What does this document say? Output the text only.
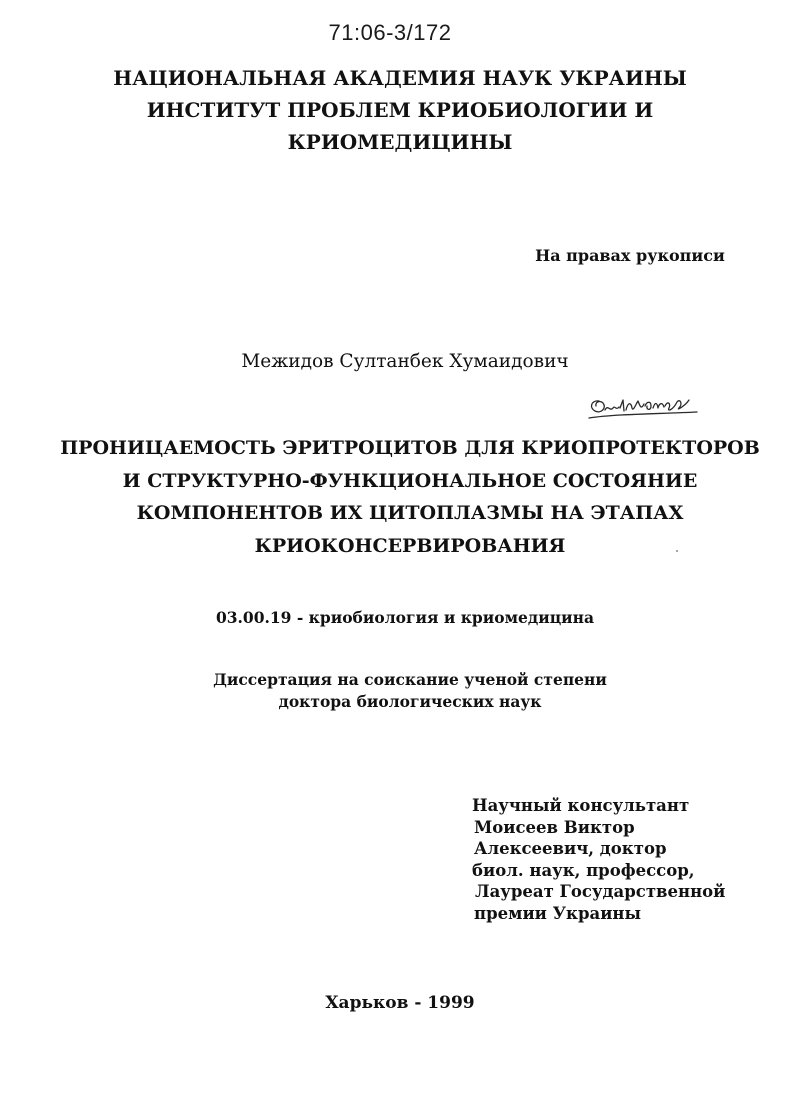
71:06-3/172
НАЦИОНАЛЬНАЯ АКАДЕМИЯ НАУК УКРАИНЫ
ИНСТИТУТ ПРОБЛЕМ КРИОБИОЛОГИИ И
КРИОМЕДИЦИНЫ
На правах рукописи
Межидов Султанбек Хумаидович
ПРОНИЦАЕМОСТЬ ЭРИТРОЦИТОВ ДЛЯ КРИОПРОТЕКТОРОВ
И СТРУКТУРНО-ФУНКЦИОНАЛЬНОЕ СОСТОЯНИЕ
КОМПОНЕНТОВ ИХ ЦИТОПЛАЗМЫ НА ЭТАПАХ
КРИОКОНСЕРВИРОВАНИЯ
03.00.19 - криобиология и криомедицина
Диссертация на соискание ученой степени
доктора биологических наук
Научный консультант
Моисеев Виктор
Алексеевич, доктор
биол. наук, профессор,
Лауреат Государственной
премии Украины
Харьков - 1999
